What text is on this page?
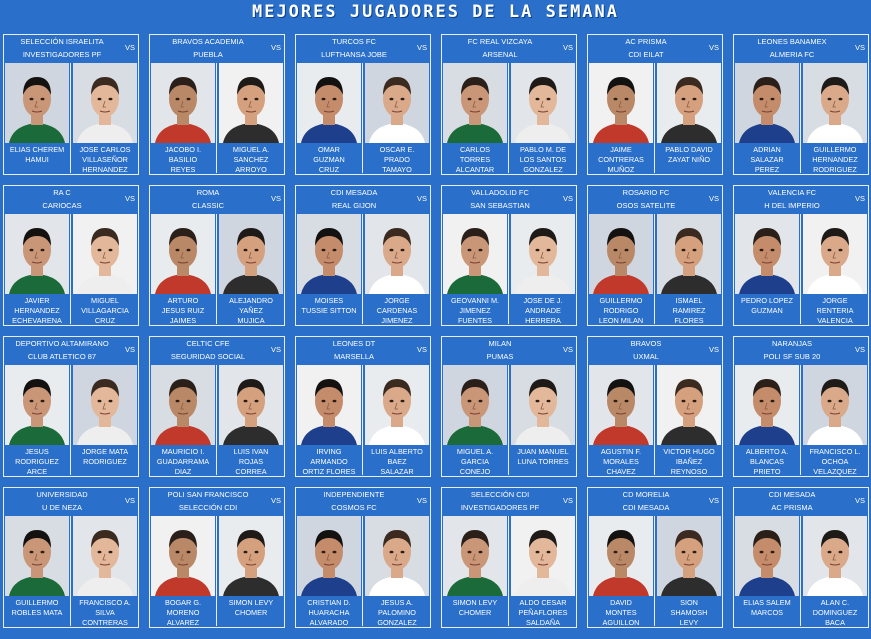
MEJORES JUGADORES DE LA SEMANA
SELECCIÓN ISRAELITA
INVESTIGADORES PF
VS
ELIAS CHEREM
HAMUI
JOSE CARLOS
VILLASEÑOR
HERNANDEZ
BRAVOS ACADEMIA
PUEBLA
VS
JACOBO I.
BASILIO
REYES
MIGUEL A.
SANCHEZ
ARROYO
TURCOS FC
LUFTHANSA JOBE
VS
OMAR
GUZMAN
CRUZ
OSCAR E.
PRADO
TAMAYO
FC REAL VIZCAYA
ARSENAL
VS
CARLOS
TORRES
ALCANTAR
PABLO M. DE
LOS SANTOS
GONZALEZ
AC PRISMA
CDI EILAT
VS
JAIME
CONTRERAS
MUÑOZ
PABLO DAVID
ZAYAT NIÑO
LEONES BANAMEX
ALMERIA FC
VS
ADRIAN
SALAZAR
PEREZ
GUILLERMO
HERNANDEZ
RODRIGUEZ
RA C
CARIOCAS
VS
JAVIER
HERNANDEZ
ECHEVARENA
MIGUEL
VILLAGARCIA
CRUZ
ROMA
CLASSIC
VS
ARTURO
JESUS RUIZ
JAIMES
ALEJANDRO
YAÑEZ
MUJICA
CDI MESADA
REAL GIJON
VS
MOISES
TUSSIE SITTON
JORGE
CARDENAS
JIMENEZ
VALLADOLID FC
SAN SEBASTIAN
VS
GEOVANNI M.
JIMENEZ
FUENTES
JOSE DE J.
ANDRADE
HERRERA
ROSARIO FC
OSOS SATELITE
VS
GUILLERMO
RODRIGO
LEON MILAN
ISMAEL
RAMIREZ
FLORES
VALENCIA FC
H DEL IMPERIO
VS
PEDRO LOPEZ
GUZMAN
JORGE
RENTERIA
VALENCIA
DEPORTIVO ALTAMIRANO
CLUB ATLETICO 87
VS
JESUS
RODRIGUEZ
ARCE
JORGE MATA
RODRIGUEZ
CELTIC CFE
SEGURIDAD SOCIAL
VS
MAURICIO I.
GUADARRAMA
DIAZ
LUIS IVAN
ROJAS
CORREA
LEONES DT
MARSELLA
VS
IRVING
ARMANDO
ORTIZ FLORES
LUIS ALBERTO
BAEZ
SALAZAR
MILAN
PUMAS
VS
MIGUEL A.
GARCIA
CONEJO
JUAN MANUEL
LUNA TORRES
BRAVOS
UXMAL
VS
AGUSTIN F.
MORALES
CHAVEZ
VICTOR HUGO
IBAÑEZ
REYNOSO
NARANJAS
POLI SF SUB 20
VS
ALBERTO A.
BLANCAS
PRIETO
FRANCISCO L.
OCHOA
VELAZQUEZ
UNIVERSIDAD
U DE NEZA
VS
GUILLERMO
ROBLES MATA
FRANCISCO A.
SILVA
CONTRERAS
POLI SAN FRANCISCO
SELECCIÓN CDI
VS
BOGAR G.
MORENO
ALVAREZ
SIMON LEVY
CHOMER
INDEPENDIENTE
COSMOS FC
VS
CRISTIAN D.
HUARACHA
ALVARADO
JESUS A.
PALOMINO
GONZALEZ
SELECCIÓN CDI
INVESTIGADORES PF
VS
SIMON LEVY
CHOMER
ALDO CESAR
PEÑAFLORES
SALDAÑA
CD MORELIA
CDI MESADA
VS
DAVID
MONTES
AGUILLON
SION
SHAMOSH
LEVY
CDI MESADA
AC PRISMA
VS
ELIAS SALEM
MARCOS
ALAN C.
DOMINGUEZ
BACA
